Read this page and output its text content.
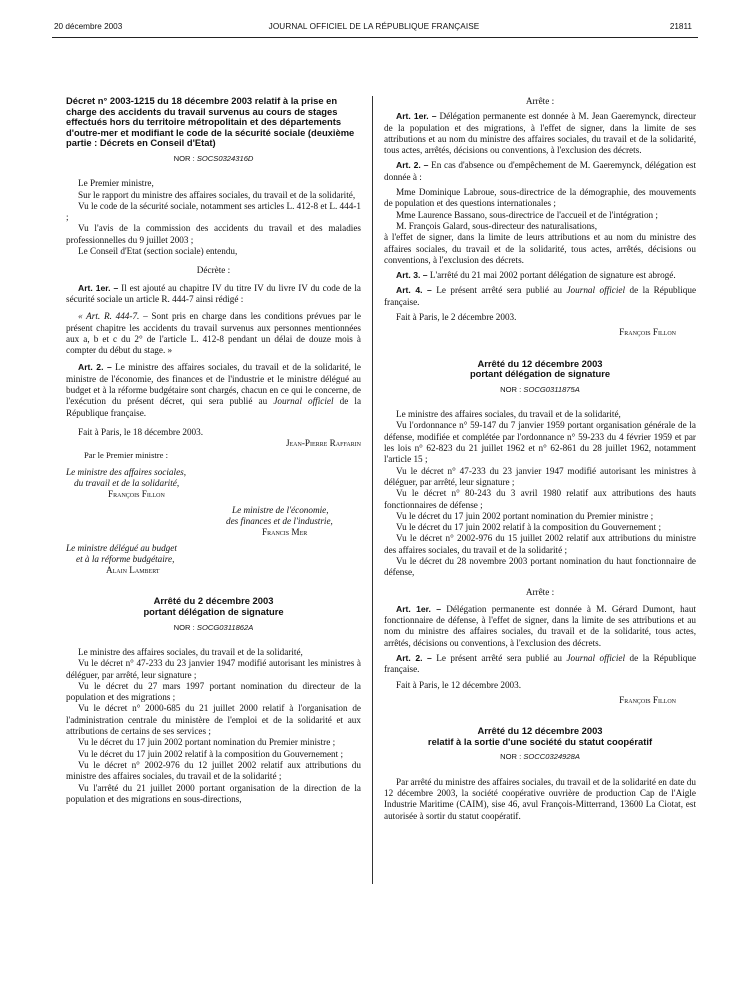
20 décembre 2003	JOURNAL OFFICIEL DE LA RÉPUBLIQUE FRANÇAISE	21811

Décret n° 2003-1215 du 18 décembre 2003 relatif à la prise en charge des accidents du travail survenus au cours de stages effectués hors du territoire métropolitain et des départements d'outre-mer et modifiant le code de la sécurité sociale (deuxième partie : Décrets en Conseil d'Etat)

NOR : SOCS0324316D

Le Premier ministre,

Sur le rapport du ministre des affaires sociales, du travail et de la solidarité,

Vu le code de la sécurité sociale, notamment ses articles L. 412-8 et L. 444-1 ;

Vu l'avis de la commission des accidents du travail et des maladies professionnelles du 9 juillet 2003 ;

Le Conseil d'Etat (section sociale) entendu,

Décrète :

Art. 1er. – Il est ajouté au chapitre IV du titre IV du livre IV du code de la sécurité sociale un article R. 444-7 ainsi rédigé :

« Art. R. 444-7. – Sont pris en charge dans les conditions prévues par le présent chapitre les accidents du travail survenus aux personnes mentionnées aux a, b et c du 2° de l'article L. 412-8 pendant un délai de douze mois à compter du début du stage. »

Art. 2. – Le ministre des affaires sociales, du travail et de la solidarité, le ministre de l'économie, des finances et de l'industrie et le ministre délégué au budget et à la réforme budgétaire sont chargés, chacun en ce qui le concerne, de l'exécution du présent décret, qui sera publié au Journal officiel de la République française.

Fait à Paris, le 18 décembre 2003.

Jean-Pierre Raffarin

Par le Premier ministre :

Le ministre des affaires sociales,

du travail et de la solidarité,

François Fillon

Le ministre de l'économie,

des finances et de l'industrie,

Francis Mer

Le ministre délégué au budget

et à la réforme budgétaire,

Alain Lambert

Arrêté du 2 décembre 2003

portant délégation de signature

NOR : SOCG0311862A

Le ministre des affaires sociales, du travail et de la solidarité,

Vu le décret n° 47-233 du 23 janvier 1947 modifié autorisant les ministres à déléguer, par arrêté, leur signature ;

Vu le décret du 27 mars 1997 portant nomination du directeur de la population et des migrations ;

Vu le décret n° 2000-685 du 21 juillet 2000 relatif à l'organisation de l'administration centrale du ministère de l'emploi et de la solidarité et aux attributions de certains de ses services ;

Vu le décret du 17 juin 2002 portant nomination du Premier ministre ;

Vu le décret du 17 juin 2002 relatif à la composition du Gouvernement ;

Vu le décret n° 2002-976 du 12 juillet 2002 relatif aux attributions du ministre des affaires sociales, du travail et de la solidarité ;

Vu l'arrêté du 21 juillet 2000 portant organisation de la direction de la population et des migrations en sous-directions,

Arrête :

Art. 1er. – Délégation permanente est donnée à M. Jean Gaeremynck, directeur de la population et des migrations, à l'effet de signer, dans la limite de ses attributions et au nom du ministre des affaires sociales, du travail et de la solidarité, tous actes, arrêtés, décisions ou conventions, à l'exclusion des décrets.

Art. 2. – En cas d'absence ou d'empêchement de M. Gaeremynck, délégation est donnée à :

Mme Dominique Labroue, sous-directrice de la démographie, des mouvements de population et des questions internationales ;

Mme Laurence Bassano, sous-directrice de l'accueil et de l'intégration ;

M. François Galard, sous-directeur des naturalisations,

à l'effet de signer, dans la limite de leurs attributions et au nom du ministre des affaires sociales, du travail et de la solidarité, tous actes, arrêtés, décisions ou conventions, à l'exclusion des décrets.

Art. 3. – L'arrêté du 21 mai 2002 portant délégation de signature est abrogé.

Art. 4. – Le présent arrêté sera publié au Journal officiel de la République française.

Fait à Paris, le 2 décembre 2003.

François Fillon

Arrêté du 12 décembre 2003

portant délégation de signature

NOR : SOCG0311875A

Le ministre des affaires sociales, du travail et de la solidarité,

Vu l'ordonnance n° 59-147 du 7 janvier 1959 portant organisation générale de la défense, modifiée et complétée par l'ordonnance n° 59-233 du 4 février 1959 et par les lois n° 62-823 du 21 juillet 1962 et n° 62-861 du 28 juillet 1962, notamment l'article 15 ;

Vu le décret n° 47-233 du 23 janvier 1947 modifié autorisant les ministres à déléguer, par arrêté, leur signature ;

Vu le décret n° 80-243 du 3 avril 1980 relatif aux attributions des hauts fonctionnaires de défense ;

Vu le décret du 17 juin 2002 portant nomination du Premier ministre ;

Vu le décret du 17 juin 2002 relatif à la composition du Gouvernement ;

Vu le décret n° 2002-976 du 15 juillet 2002 relatif aux attributions du ministre des affaires sociales, du travail et de la solidarité ;

Vu le décret du 28 novembre 2003 portant nomination du haut fonctionnaire de défense,

Arrête :

Art. 1er. – Délégation permanente est donnée à M. Gérard Dumont, haut fonctionnaire de défense, à l'effet de signer, dans la limite de ses attributions et au nom du ministre des affaires sociales, du travail et de la solidarité, tous actes, arrêtés, décisions ou conventions, à l'exclusion des décrets.

Art. 2. – Le présent arrêté sera publié au Journal officiel de la République française.

Fait à Paris, le 12 décembre 2003.

François Fillon

Arrêté du 12 décembre 2003

relatif à la sortie d'une société du statut coopératif

NOR : SOCC0324928A

Par arrêté du ministre des affaires sociales, du travail et de la solidarité en date du 12 décembre 2003, la société coopérative ouvrière de production Cap de l'Aigle Industrie Maritime (CAIM), sise 46, avul François-Mitterrand, 13600 La Ciotat, est autorisée à sortir du statut coopératif.
